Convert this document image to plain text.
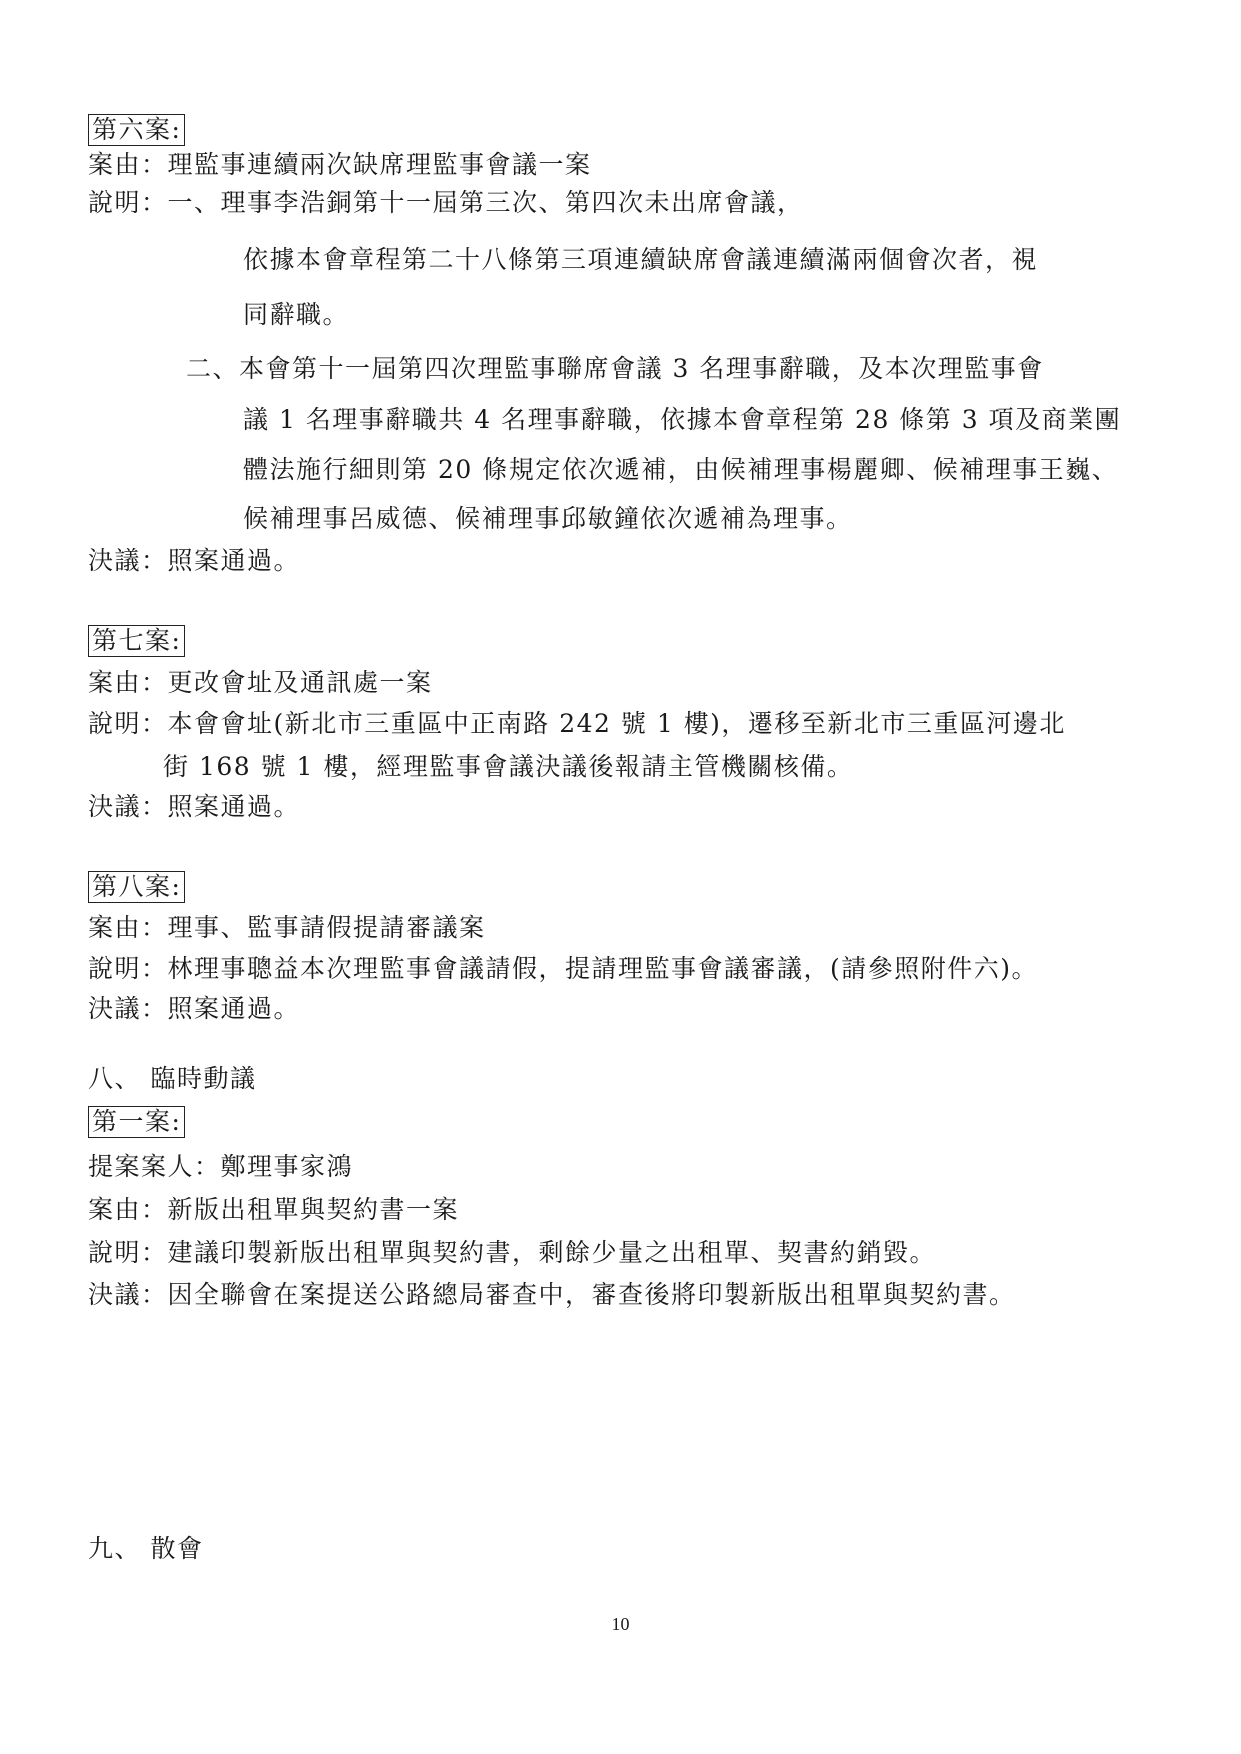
第六案:
案由：理監事連續兩次缺席理監事會議一案
說明：一、理事李浩銅第十一屆第三次、第四次未出席會議，
依據本會章程第二十八條第三項連續缺席會議連續滿兩個會次者，視
同辭職。
二、本會第十一屆第四次理監事聯席會議 3 名理事辭職，及本次理監事會
議 1 名理事辭職共 4 名理事辭職，依據本會章程第 28 條第 3 項及商業團
體法施行細則第 20 條規定依次遞補，由候補理事楊麗卿、候補理事王巍、
候補理事呂威德、候補理事邱敏鐘依次遞補為理事。
決議：照案通過。
第七案:
案由：更改會址及通訊處一案
說明：本會會址(新北市三重區中正南路 242 號 1 樓)，遷移至新北市三重區河邊北
街 168 號 1 樓，經理監事會議決議後報請主管機關核備。
決議：照案通過。
第八案:
案由：理事、監事請假提請審議案
說明：林理事聰益本次理監事會議請假，提請理監事會議審議，(請參照附件六)。
決議：照案通過。
八、 臨時動議
第一案:
提案案人：鄭理事家鴻
案由：新版出租單與契約書一案
說明：建議印製新版出租單與契約書，剩餘少量之出租單、契書約銷毀。
決議：因全聯會在案提送公路總局審查中，審查後將印製新版出租單與契約書。
九、 散會
10
